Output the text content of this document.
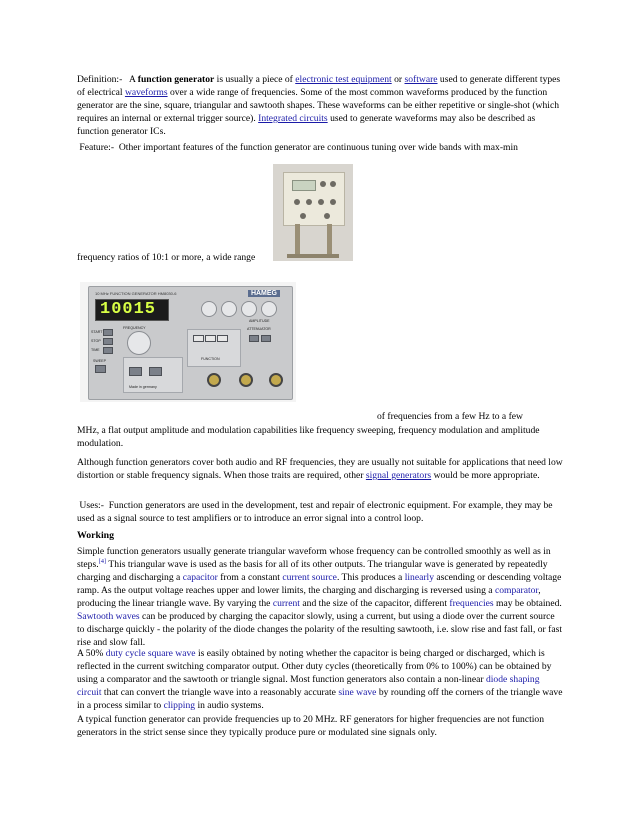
Definition:- A function generator is usually a piece of electronic test equipment or software used to generate different types of electrical waveforms over a wide range of frequencies. Some of the most common waveforms produced by the function generator are the sine, square, triangular and sawtooth shapes. These waveforms can be either repetitive or single-shot (which requires an internal or external trigger source). Integrated circuits used to generate waveforms may also be described as function generator ICs.

Feature:- Other important features of the function generator are continuous tuning over wide bands with max-min

frequency ratios of 10:1 or more, a wide range

of frequencies from a few Hz to a few

MHz, a flat output amplitude and modulation capabilities like frequency sweeping, frequency modulation and amplitude modulation.

Although function generators cover both audio and RF frequencies, they are usually not suitable for applications that need low distortion or stable frequency signals. When those traits are required, other signal generators would be more appropriate.

Uses:- Function generators are used in the development, test and repair of electronic equipment. For example, they may be used as a signal source to test amplifiers or to introduce an error signal into a control loop.

Working

Simple function generators usually generate triangular waveform whose frequency can be controlled smoothly as well as in steps.[4] This triangular wave is used as the basis for all of its other outputs. The triangular wave is generated by repeatedly charging and discharging a capacitor from a constant current source. This produces a linearly ascending or descending voltage ramp. As the output voltage reaches upper and lower limits, the charging and discharging is reversed using a comparator, producing the linear triangle wave. By varying the current and the size of the capacitor, different frequencies may be obtained. Sawtooth waves can be produced by charging the capacitor slowly, using a current, but using a diode over the current source to discharge quickly - the polarity of the diode changes the polarity of the resulting sawtooth, i.e. slow rise and fast fall, or fast rise and slow fall.

A 50% duty cycle square wave is easily obtained by noting whether the capacitor is being charged or discharged, which is reflected in the current switching comparator output. Other duty cycles (theoretically from 0% to 100%) can be obtained by using a comparator and the sawtooth or triangle signal. Most function generators also contain a non-linear diode shaping circuit that can convert the triangle wave into a reasonably accurate sine wave by rounding off the corners of the triangle wave in a process similar to clipping in audio systems.

A typical function generator can provide frequencies up to 20 MHz. RF generators for higher frequencies are not function generators in the strict sense since they typically produce pure or modulated sine signals only.

10 MHz FUNCTION GENERATOR HM8030-6	HAMEG
10015
FREQUENCY
AMPLITUDE
START
STOP
TIME
SWEEP
Made in germany
FUNCTION
ATTENUATOR
